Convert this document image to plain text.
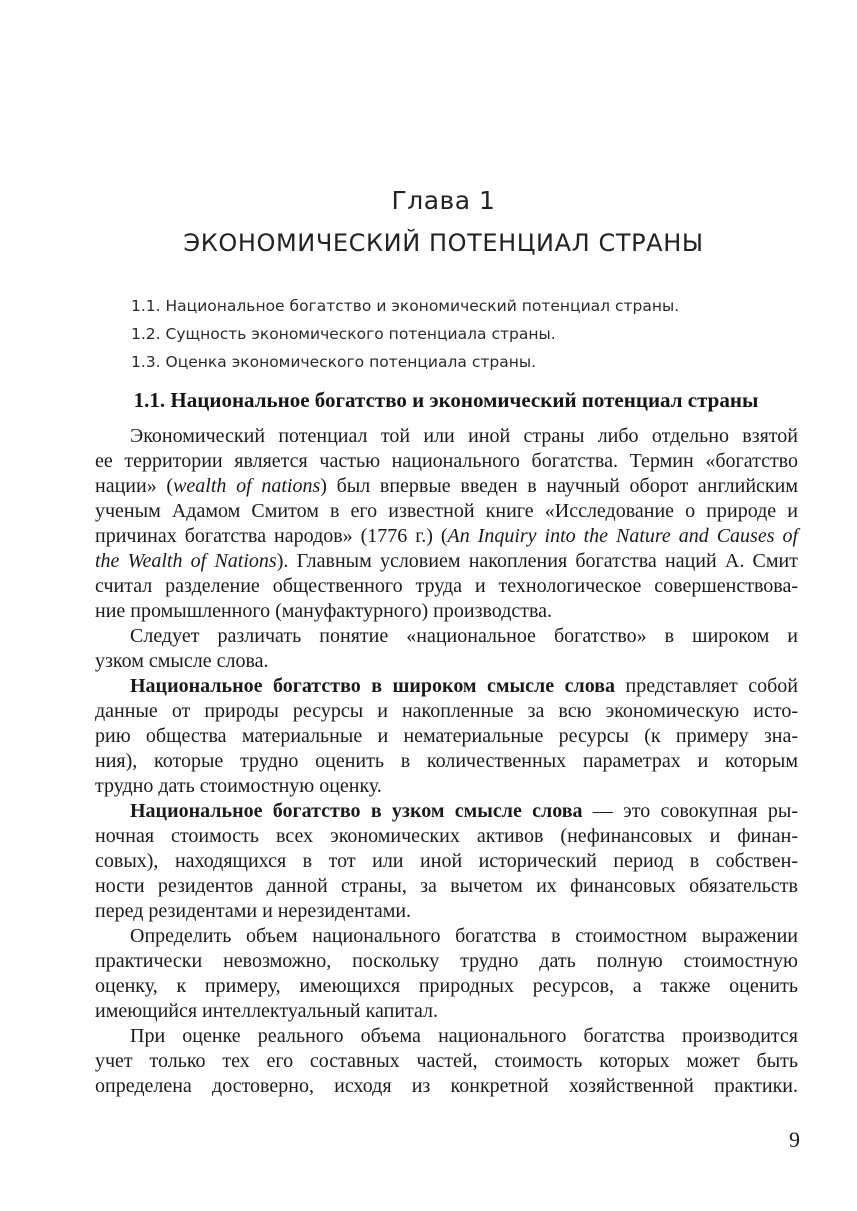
Глава 1
ЭКОНОМИЧЕСКИЙ ПОТЕНЦИАЛ СТРАНЫ
1.1. Национальное богатство и экономический потенциал страны.
1.2. Сущность экономического потенциала страны.
1.3. Оценка экономического потенциала страны.
1.1. Национальное богатство и экономический потенциал страны
Экономический потенциал той или иной страны либо отдельно взятой
ее территории является частью национального богатства. Термин «богатство
нации» (wealth of nations) был впервые введен в научный оборот английским
ученым Адамом Смитом в его известной книге «Исследование о природе и
причинах богатства народов» (1776 г.) (An Inquiry into the Nature and Causes of
the Wealth of Nations). Главным условием накопления богатства наций А. Смит
считал разделение общественного труда и технологическое совершенствова-
ние промышленного (мануфактурного) производства.
Следует различать понятие «национальное богатство» в широком и
узком смысле слова.
Национальное богатство в широком смысле слова представляет собой
данные от природы ресурсы и накопленные за всю экономическую исто-
рию общества материальные и нематериальные ресурсы (к примеру зна-
ния), которые трудно оценить в количественных параметрах и которым
трудно дать стоимостную оценку.
Национальное богатство в узком смысле слова — это совокупная ры-
ночная стоимость всех экономических активов (нефинансовых и финан-
совых), находящихся в тот или иной исторический период в собствен-
ности резидентов данной страны, за вычетом их финансовых обязательств
перед резидентами и нерезидентами.
Определить объем национального богатства в стоимостном выражении
практически невозможно, поскольку трудно дать полную стоимостную
оценку, к примеру, имеющихся природных ресурсов, а также оценить
имеющийся интеллектуальный капитал.
При оценке реального объема национального богатства производится
учет только тех его составных частей, стоимость которых может быть
определена достоверно, исходя из конкретной хозяйственной практики.
9
